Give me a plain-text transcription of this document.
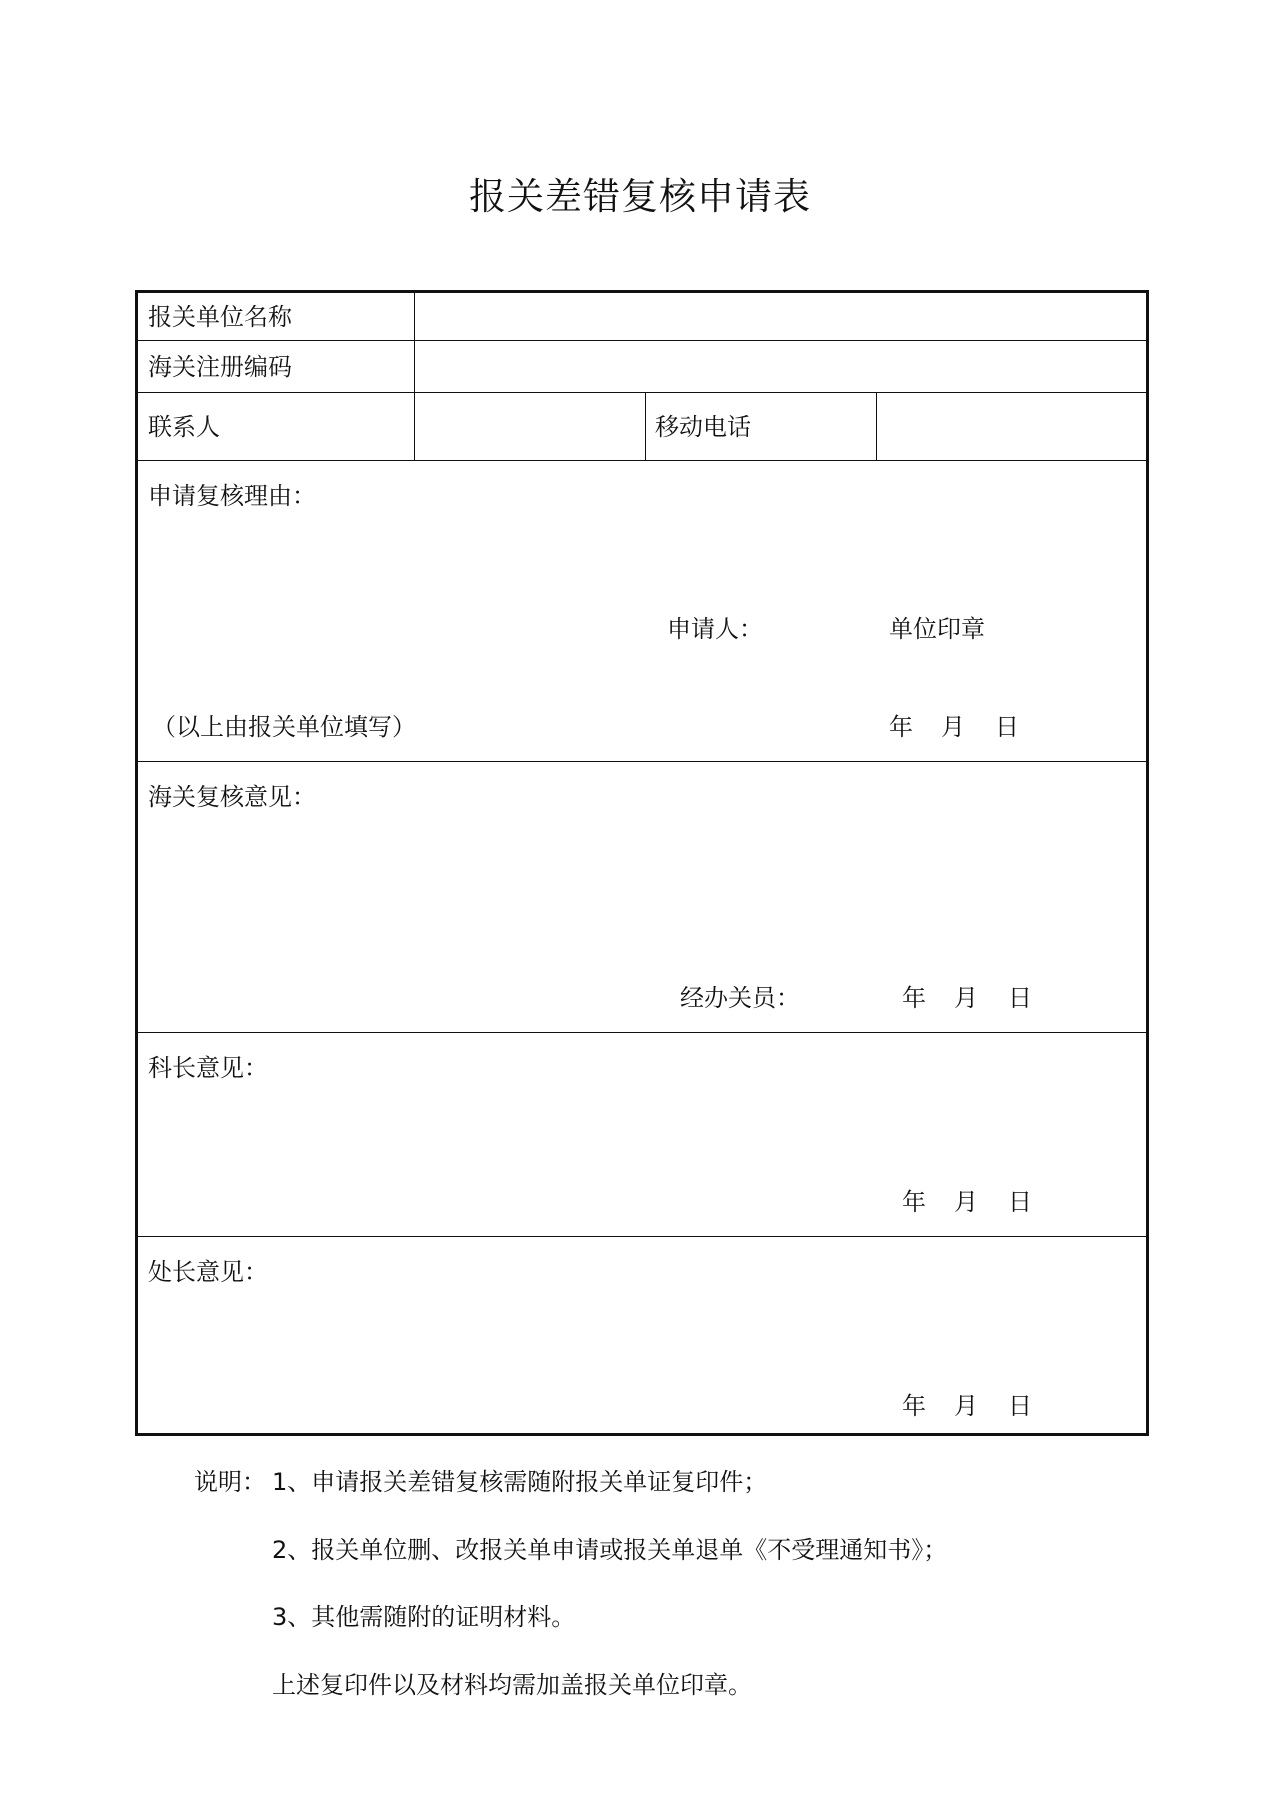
报关差错复核申请表
报关单位名称
海关注册编码
联系人	移动电话
申请复核理由：
申请人：	单位印章
（以上由报关单位填写）	年 月 日
海关复核意见：
经办关员：	年 月 日
科长意见：
年 月 日
处长意见：
年 月 日
说明： 1、申请报关差错复核需随附报关单证复印件；
2、报关单位删、改报关单申请或报关单退单《不受理通知书》；
3、其他需随附的证明材料。
上述复印件以及材料均需加盖报关单位印章。
